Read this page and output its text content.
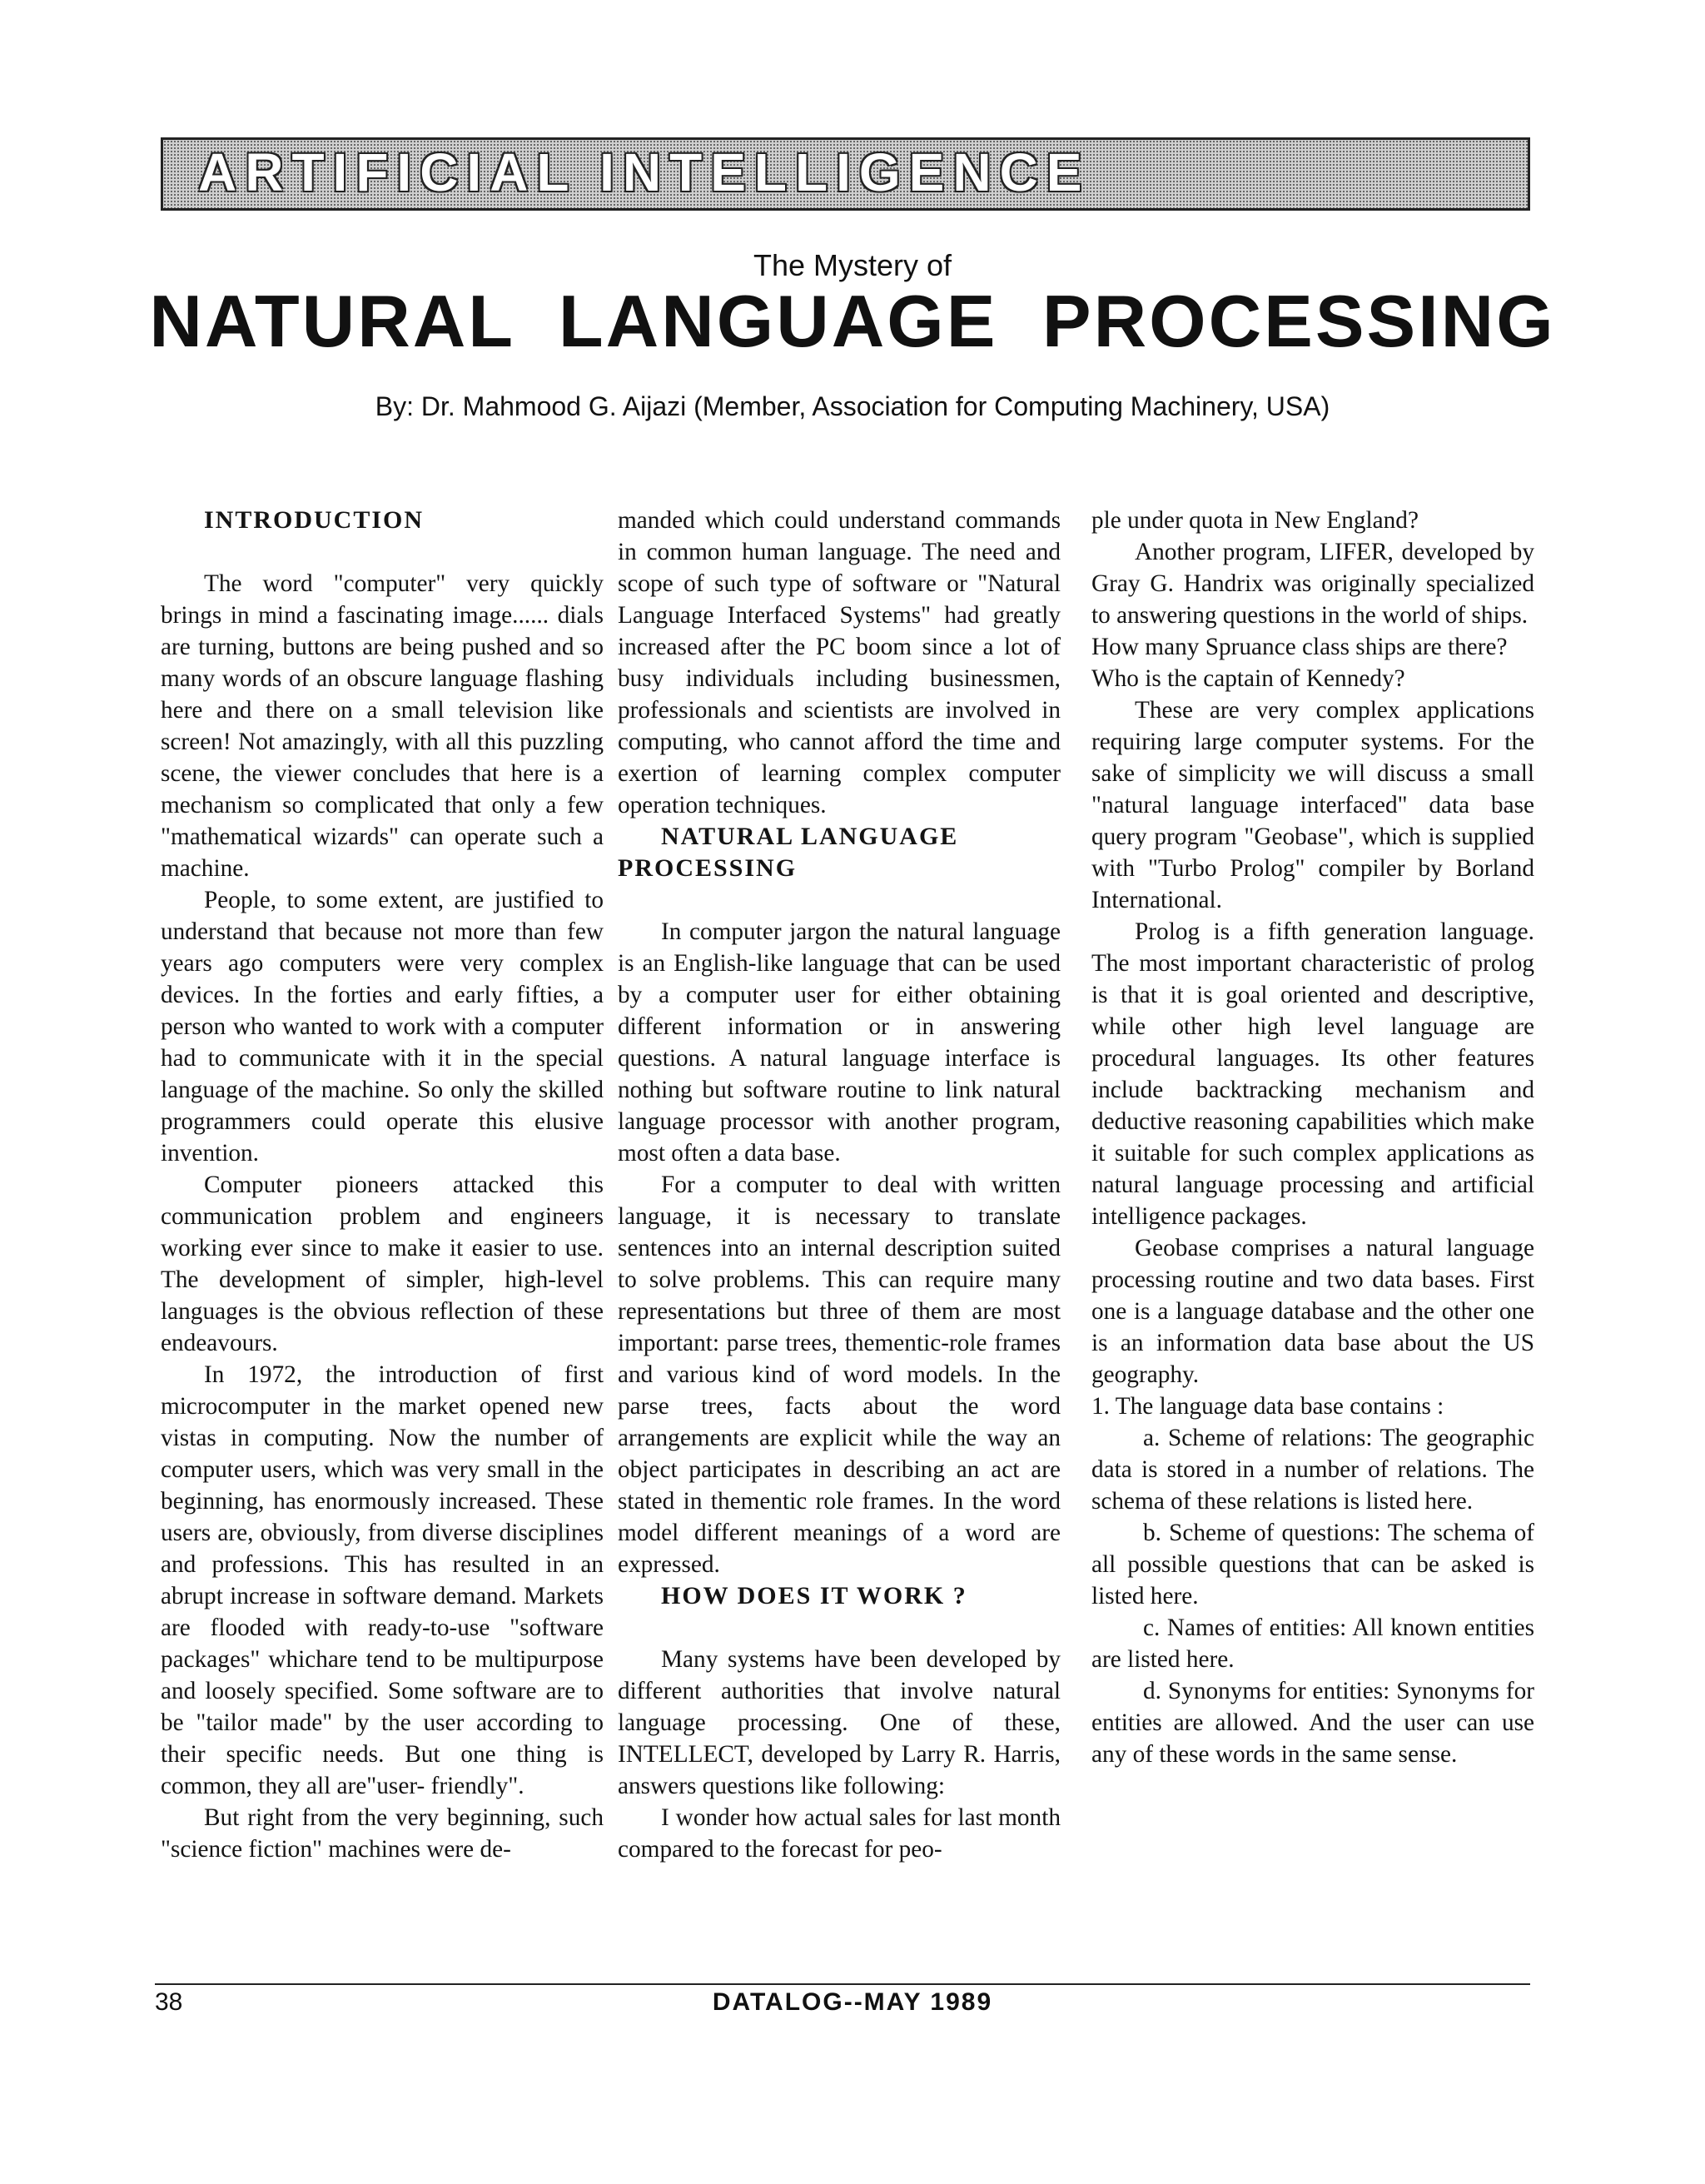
ARTIFICIAL INTELLIGENCE
The Mystery of
NATURAL LANGUAGE PROCESSING
By: Dr. Mahmood G. Aijazi (Member, Association for Computing Machinery, USA)

INTRODUCTION

The word "computer" very quickly brings in mind a fascinating image...... dials are turning, buttons are being pushed and so many words of an obscure language flashing here and there on a small television like screen! Not amazingly, with all this puzzling scene, the viewer concludes that here is a mechanism so complicated that only a few "mathematical wizards" can operate such a machine.

People, to some extent, are justified to understand that because not more than few years ago computers were very complex devices. In the forties and early fifties, a person who wanted to work with a computer had to communicate with it in the special language of the machine. So only the skilled programmers could operate this elusive invention.

Computer pioneers attacked this communication problem and engineers working ever since to make it easier to use. The development of simpler, high-level languages is the obvious reflection of these endeavours.

In 1972, the introduction of first microcomputer in the market opened new vistas in computing. Now the number of computer users, which was very small in the beginning, has enormously increased. These users are, obviously, from diverse disciplines and professions. This has resulted in an abrupt increase in software demand. Markets are flooded with ready-to-use "software packages" whichare tend to be multipurpose and loosely specified. Some software are to be "tailor made" by the user according to their specific needs. But one thing is common, they all are"user- friendly".

But right from the very beginning, such "science fiction" machines were de-

manded which could understand commands in common human language. The need and scope of such type of software or "Natural Language Interfaced Systems" had greatly increased after the PC boom since a lot of busy individuals including businessmen, professionals and scientists are involved in computing, who cannot afford the time and exertion of learning complex computer operation techniques.

NATURAL LANGUAGE PROCESSING

In computer jargon the natural language is an English-like language that can be used by a computer user for either obtaining different information or in answering questions. A natural language interface is nothing but software routine to link natural language processor with another program, most often a data base.

For a computer to deal with written language, it is necessary to translate sentences into an internal description suited to solve problems. This can require many representations but three of them are most important: parse trees, thementic-role frames and various kind of word models. In the parse trees, facts about the word arrangements are explicit while the way an object participates in describing an act are stated in thementic role frames. In the word model different meanings of a word are expressed.

HOW DOES IT WORK ?

Many systems have been developed by different authorities that involve natural language processing. One of these, INTELLECT, developed by Larry R. Harris, answers questions like following:

I wonder how actual sales for last month compared to the forecast for peo-

ple under quota in New England?

Another program, LIFER, developed by Gray G. Handrix was originally specialized to answering questions in the world of ships.

How many Spruance class ships are there?

Who is the captain of Kennedy?

These are very complex applications requiring large computer systems. For the sake of simplicity we will discuss a small "natural language interfaced" data base query program "Geobase", which is supplied with "Turbo Prolog" compiler by Borland International.

Prolog is a fifth generation language. The most important characteristic of prolog is that it is goal oriented and descriptive, while other high level language are procedural languages. Its other features include backtracking mechanism and deductive reasoning capabilities which make it suitable for such complex applications as natural language processing and artificial intelligence packages.

Geobase comprises a natural language processing routine and two data bases. First one is a language database and the other one is an information data base about the US geography.

1. The language data base contains :

a. Scheme of relations: The geographic data is stored in a number of relations. The schema of these relations is listed here.

b. Scheme of questions: The schema of all possible questions that can be asked is listed here.

c. Names of entities: All known entities are listed here.

d. Synonyms for entities: Synonyms for entities are allowed. And the user can use any of these words in the same sense.

38	DATALOG--MAY 1989
